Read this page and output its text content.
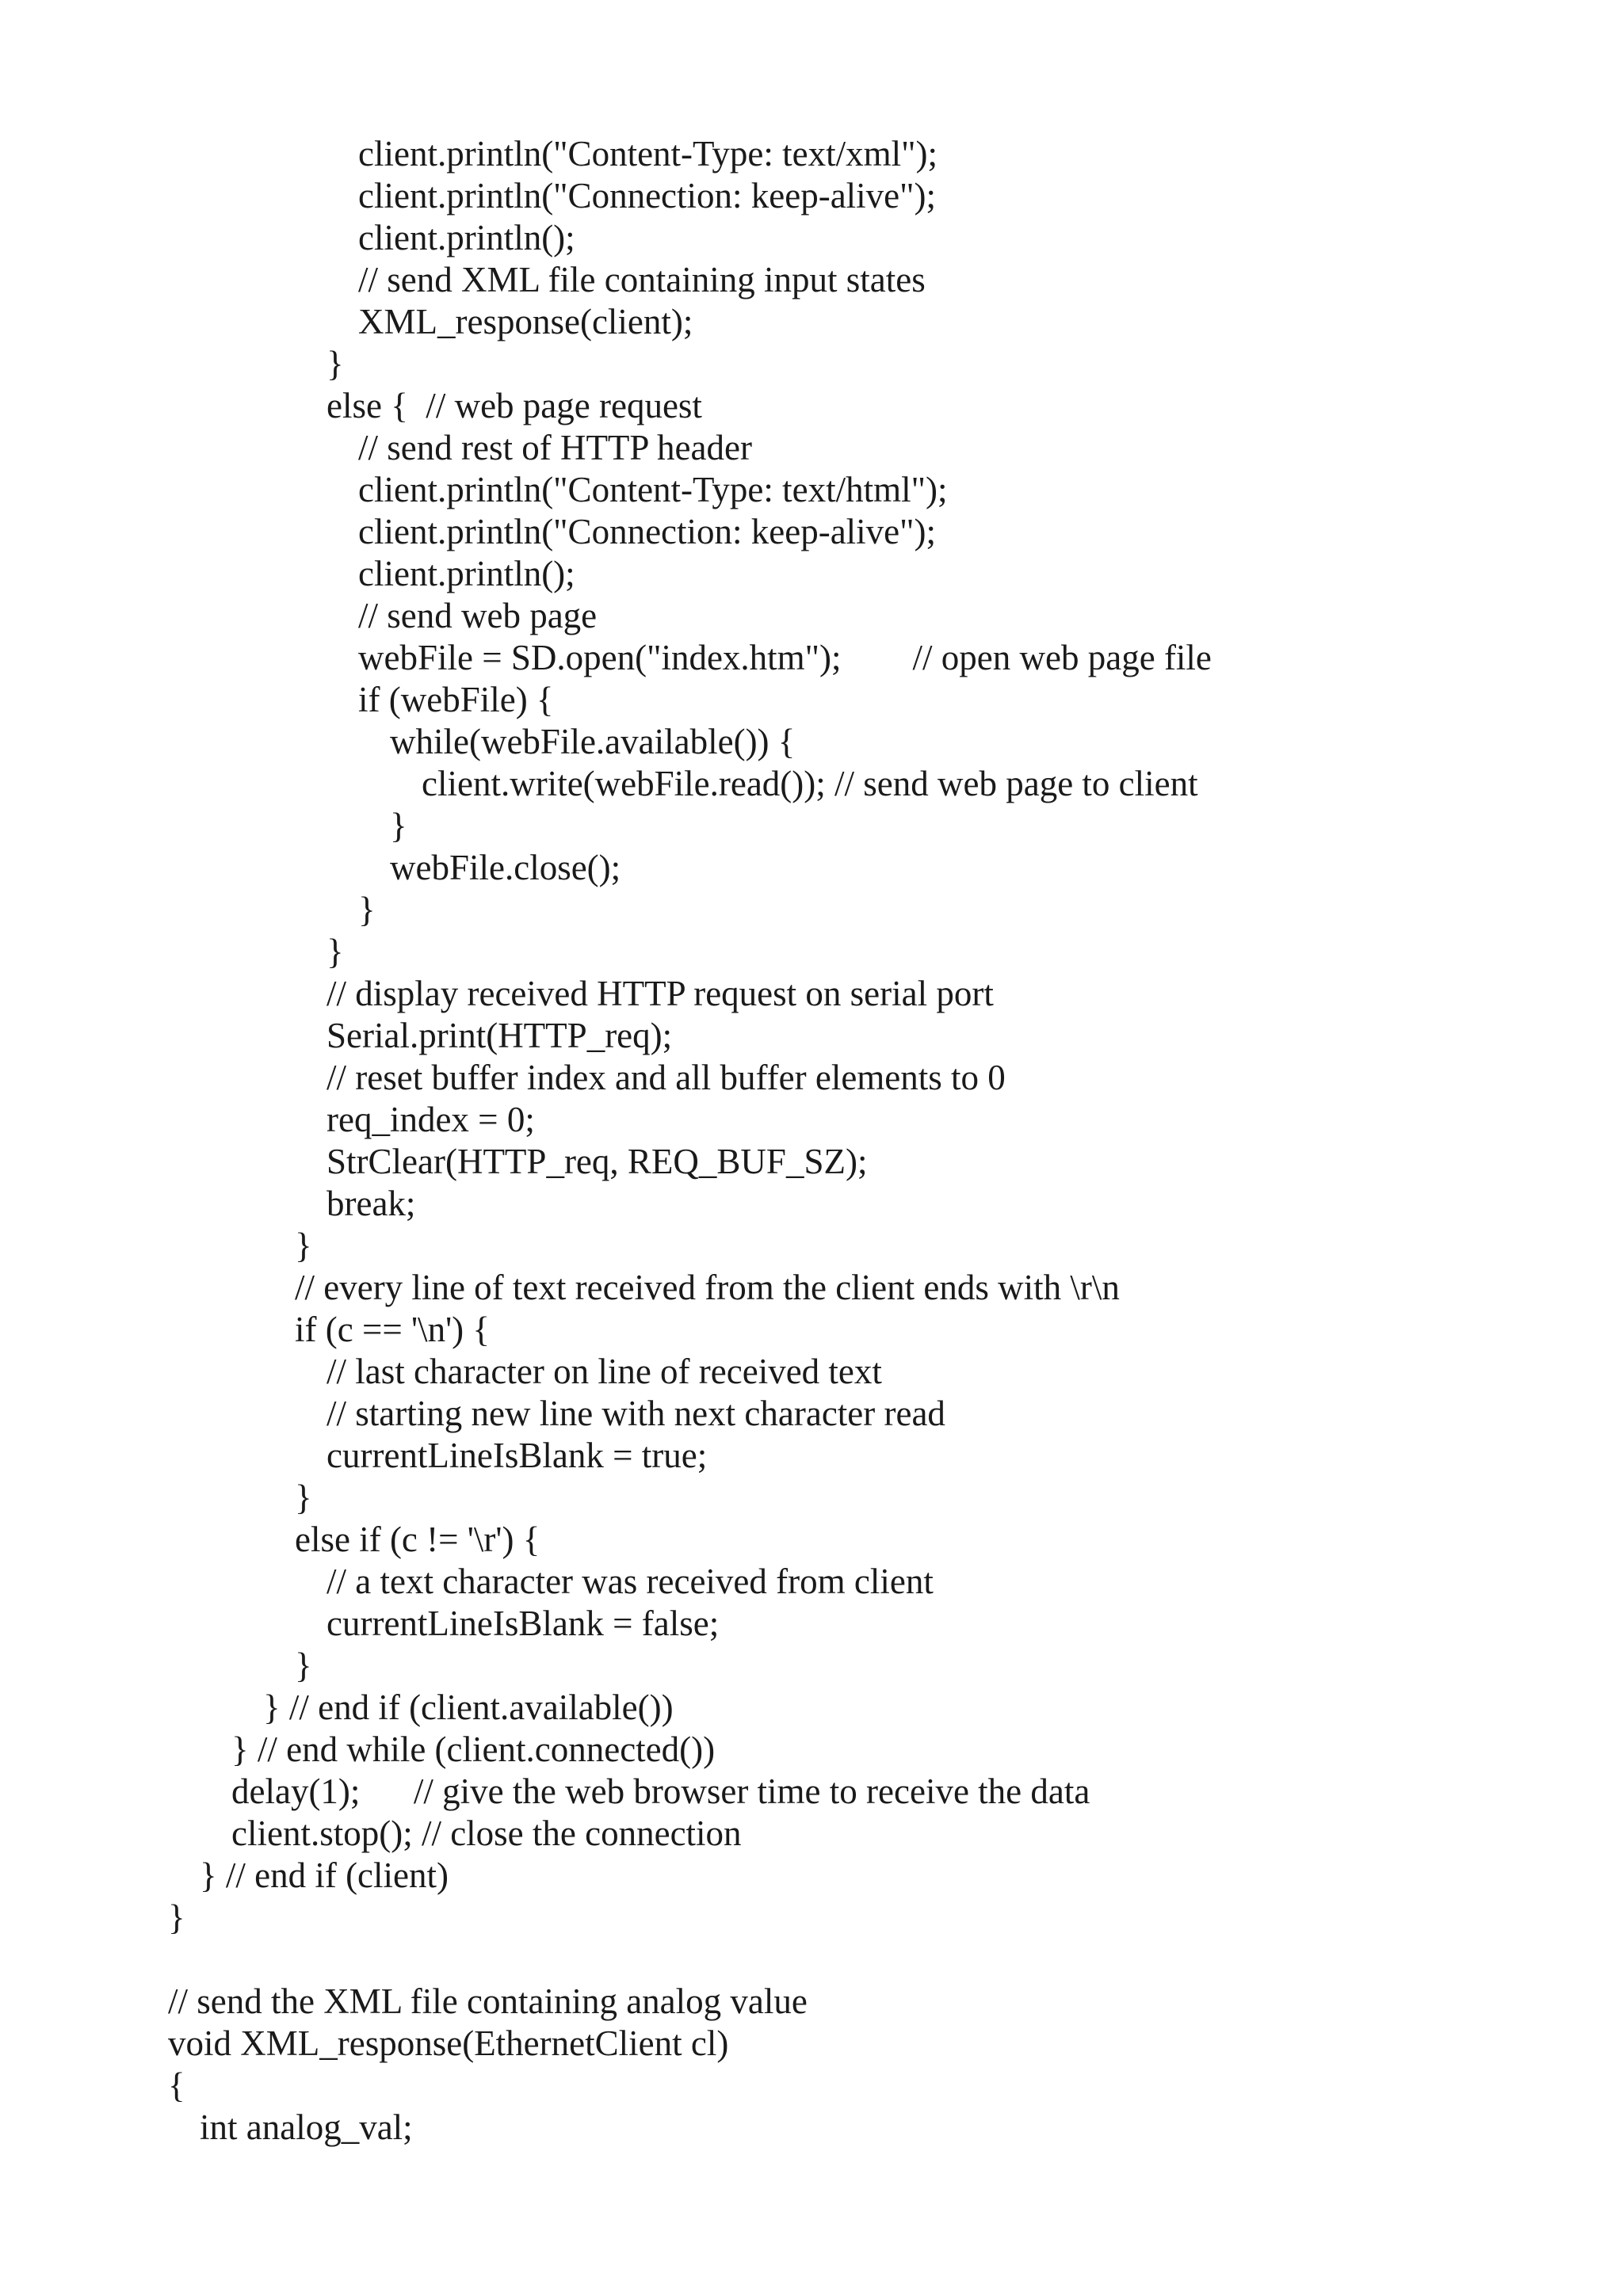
client.println("Content-Type: text/xml");
client.println("Connection: keep-alive");
client.println();
// send XML file containing input states
XML_response(client);
}
else {  // web page request
// send rest of HTTP header
client.println("Content-Type: text/html");
client.println("Connection: keep-alive");
client.println();
// send web page
webFile = SD.open("index.htm");        // open web page file
if (webFile) {
while(webFile.available()) {
client.write(webFile.read()); // send web page to client
}
webFile.close();
}
}
// display received HTTP request on serial port
Serial.print(HTTP_req);
// reset buffer index and all buffer elements to 0
req_index = 0;
StrClear(HTTP_req, REQ_BUF_SZ);
break;
}
// every line of text received from the client ends with \r\n
if (c == '\n') {
// last character on line of received text
// starting new line with next character read
currentLineIsBlank = true;
}
else if (c != '\r') {
// a text character was received from client
currentLineIsBlank = false;
}
} // end if (client.available())
} // end while (client.connected())
delay(1);      // give the web browser time to receive the data
client.stop(); // close the connection
} // end if (client)
}
// send the XML file containing analog value
void XML_response(EthernetClient cl)
{
int analog_val;
